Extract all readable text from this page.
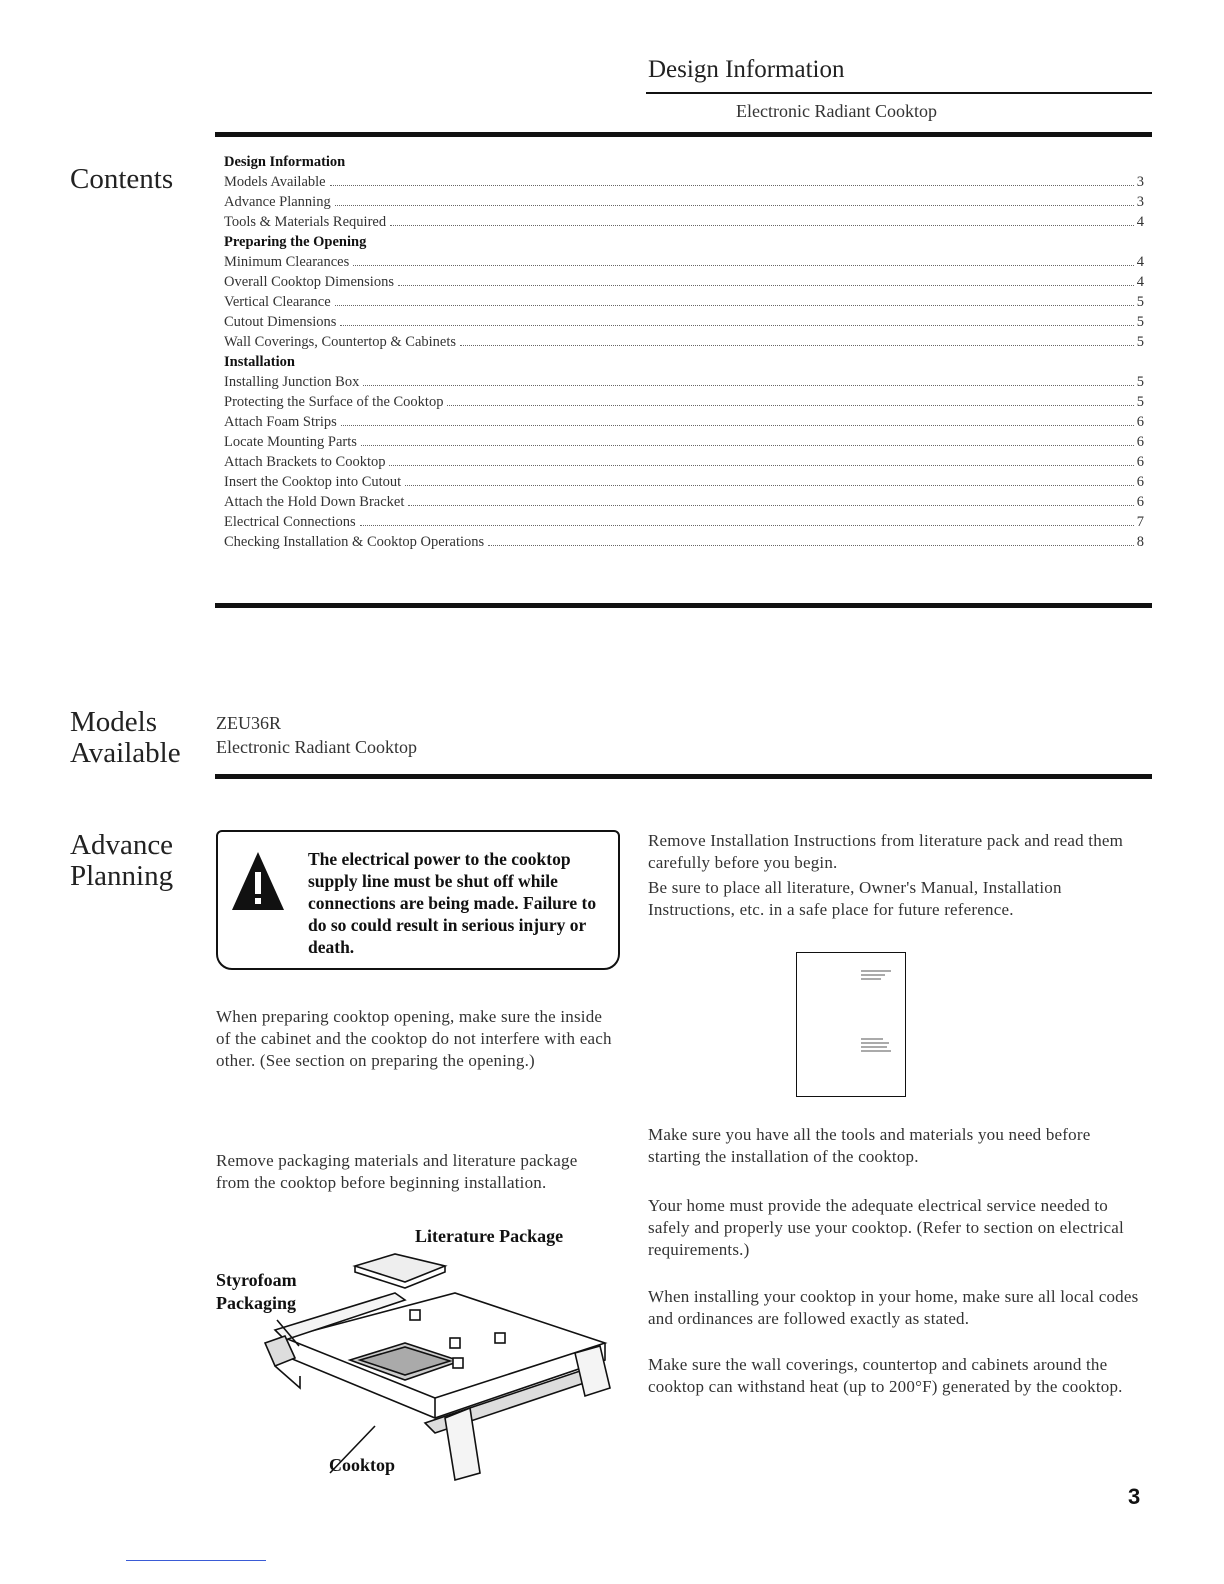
Design Information
Electronic Radiant Cooktop
Contents
Design Information
Models Available	3
Advance Planning	3
Tools & Materials Required	4
Preparing the Opening
Minimum Clearances	4
Overall Cooktop Dimensions	4
Vertical Clearance	5
Cutout Dimensions	5
Wall Coverings, Countertop & Cabinets	5
Installation
Installing Junction Box	5
Protecting the Surface of the Cooktop	5
Attach Foam Strips	6
Locate Mounting Parts	6
Attach Brackets to Cooktop	6
Insert the Cooktop into Cutout	6
Attach the Hold Down Bracket	6
Electrical Connections	7
Checking Installation & Cooktop Operations	8
Models
Available
ZEU36R
Electronic Radiant Cooktop
Advance
Planning
The electrical power to the cooktop supply line must be shut off while connections are being made. Failure to do so could result in serious injury or death.
When preparing cooktop opening, make sure the inside of the cabinet and the cooktop do not interfere with each other. (See section on preparing the opening.)
Remove packaging materials and literature package from the cooktop before beginning installation.
Literature Package
Styrofoam
Packaging
Cooktop
Remove Installation Instructions from literature pack and read them carefully before you begin.
Be sure to place all literature, Owner's Manual, Installation Instructions, etc. in a safe place for future reference.
Make sure you have all the tools and materials you need before starting the installation of the cooktop.
Your home must provide the adequate electrical service needed to safely and properly use your cooktop. (Refer to section on electrical requirements.)
When installing your cooktop in your home, make sure all local codes and ordinances are followed exactly as stated.
Make sure the wall coverings, countertop and cabinets around the cooktop can withstand heat (up to 200°F) generated by the cooktop.
3
